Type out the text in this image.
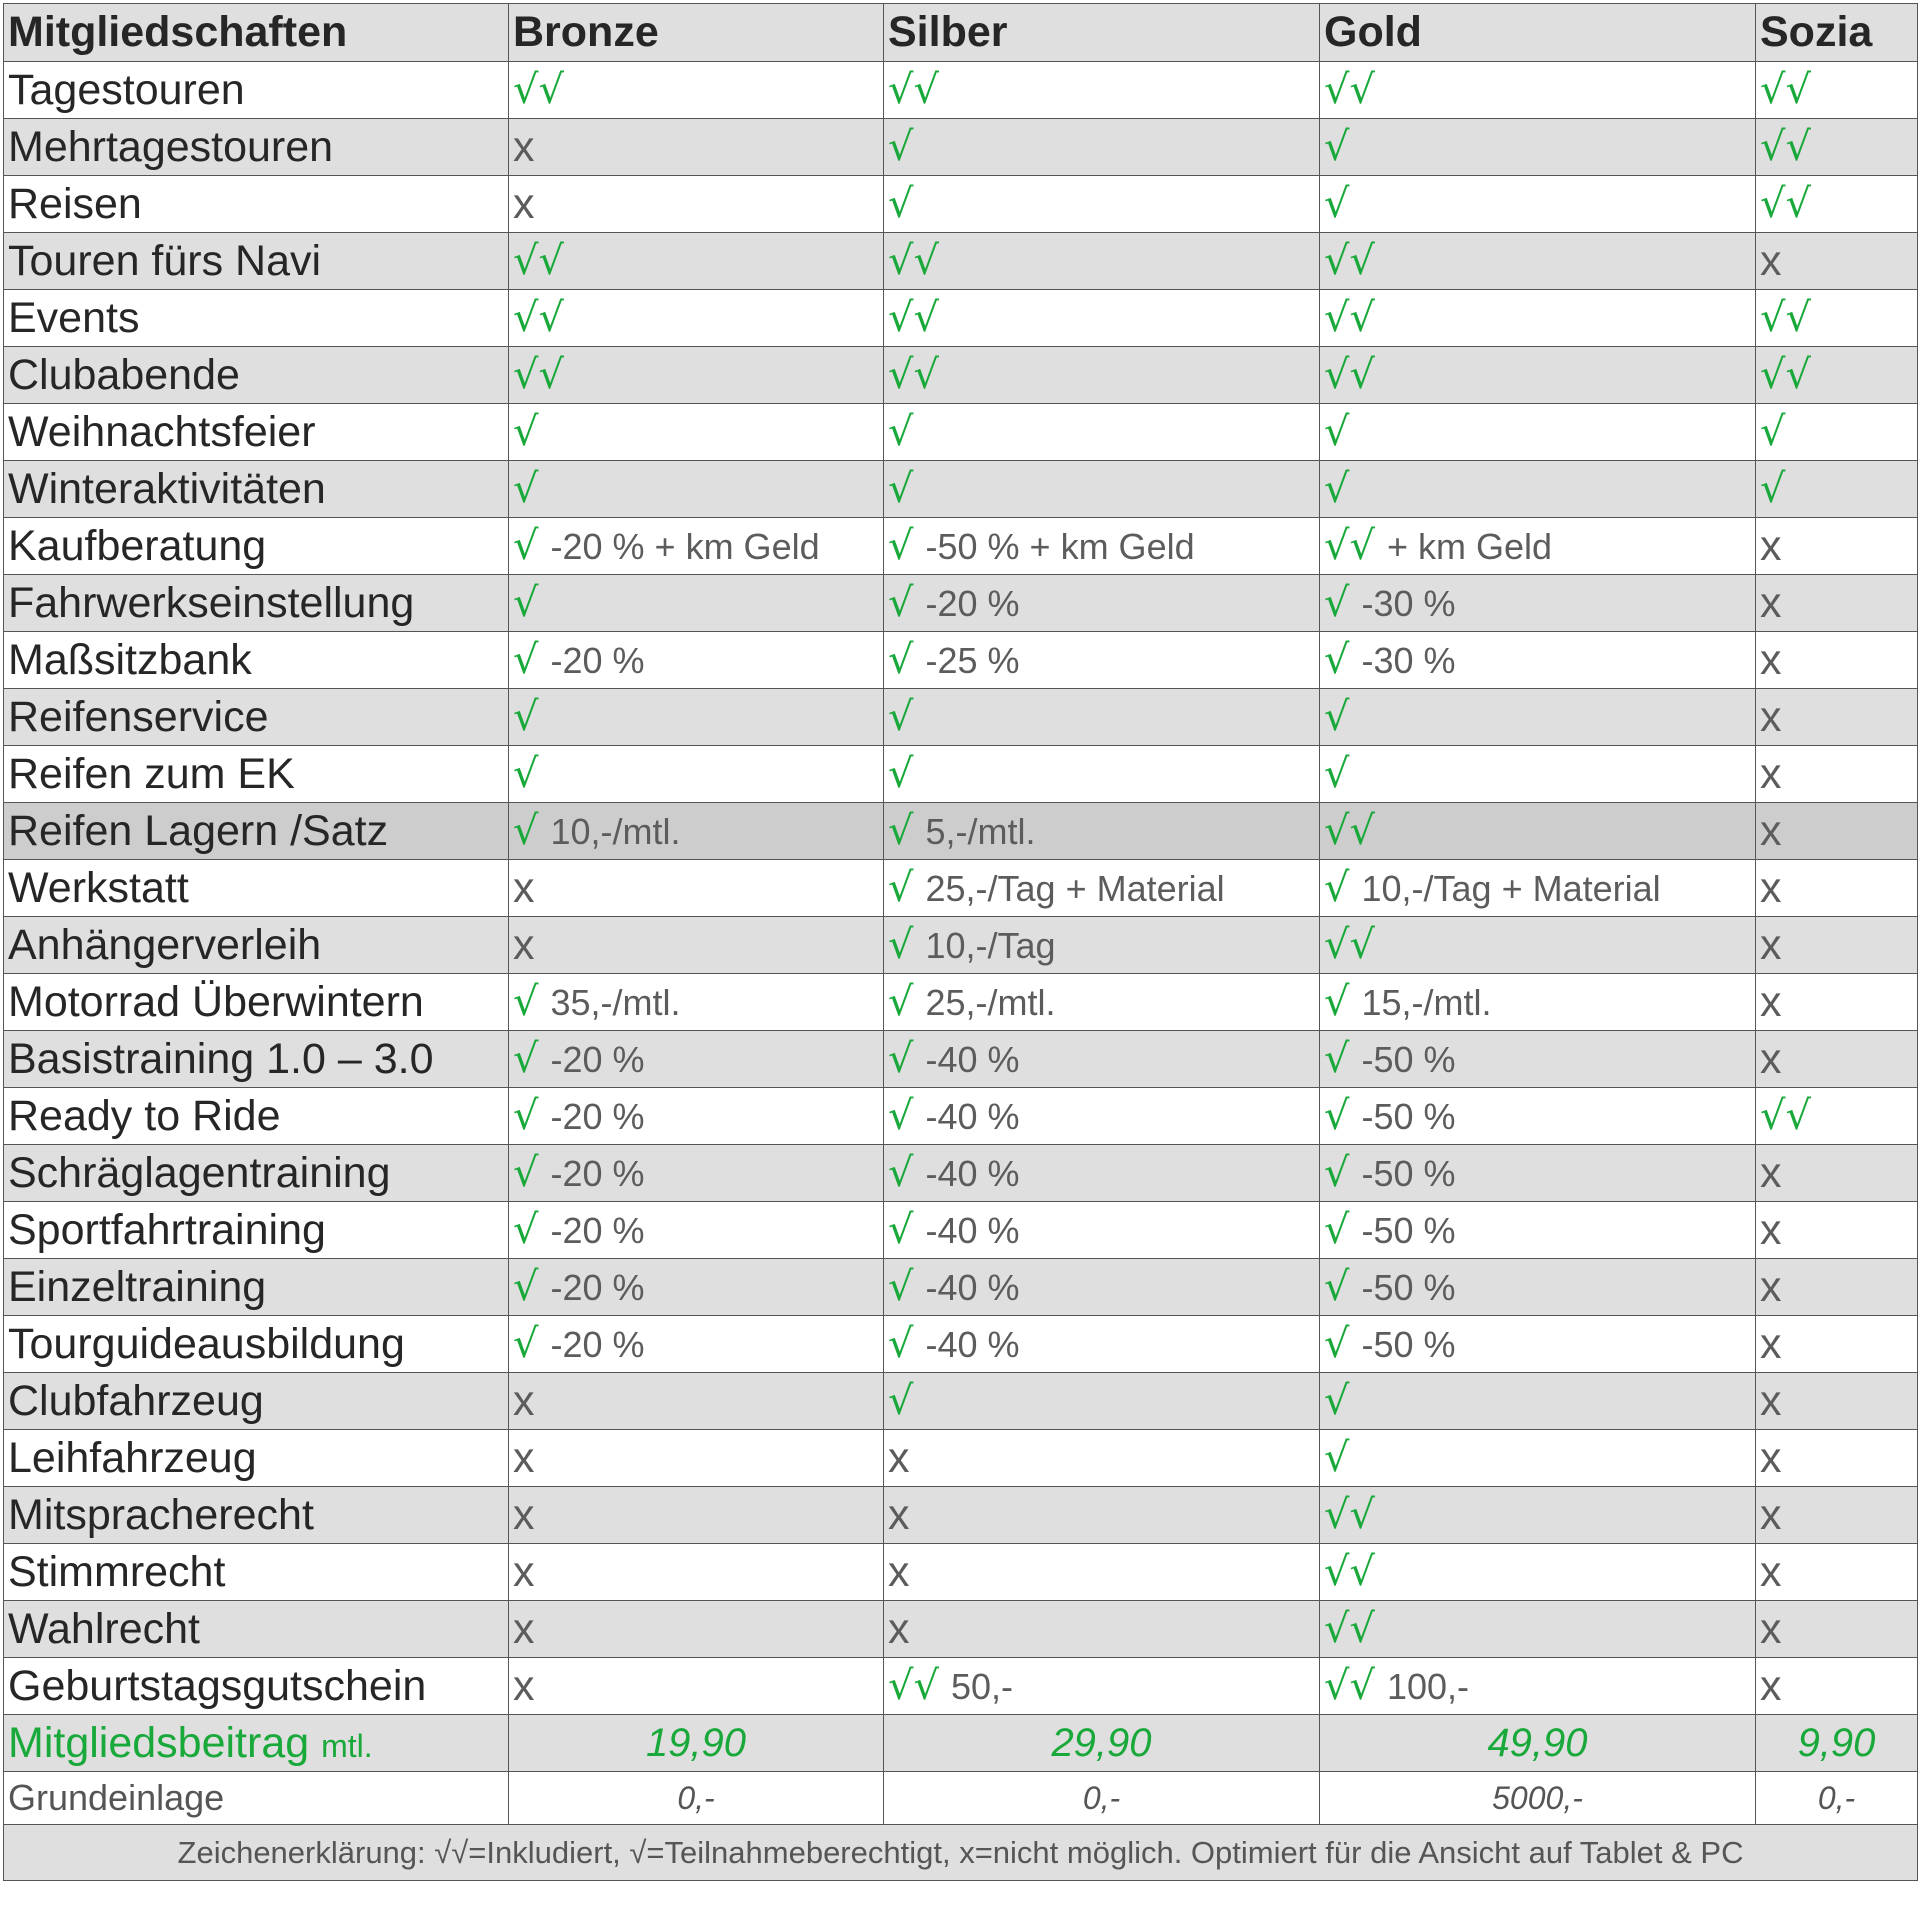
Mitgliedschaften	Bronze	Silber	Gold	Sozia
Tagestouren	√√	√√	√√	√√
Mehrtagestouren	x	√	√	√√
Reisen	x	√	√	√√
Touren fürs Navi	√√	√√	√√	x
Events	√√	√√	√√	√√
Clubabende	√√	√√	√√	√√
Weihnachtsfeier	√	√	√	√
Winteraktivitäten	√	√	√	√
Kaufberatung	√ -20 % + km Geld	√ -50 % + km Geld	√√ + km Geld	x
Fahrwerkseinstellung	√	√ -20 %	√ -30 %	x
Maßsitzbank	√ -20 %	√ -25 %	√ -30 %	x
Reifenservice	√	√	√	x
Reifen zum EK	√	√	√	x
Reifen Lagern /Satz	√ 10,-/mtl.	√ 5,-/mtl.	√√	x
Werkstatt	x	√ 25,-/Tag + Material	√ 10,-/Tag + Material	x
Anhängerverleih	x	√ 10,-/Tag	√√	x
Motorrad Überwintern	√ 35,-/mtl.	√ 25,-/mtl.	√ 15,-/mtl.	x
Basistraining 1.0 – 3.0	√ -20 %	√ -40 %	√ -50 %	x
Ready to Ride	√ -20 %	√ -40 %	√ -50 %	√√
Schräglagentraining	√ -20 %	√ -40 %	√ -50 %	x
Sportfahrtraining	√ -20 %	√ -40 %	√ -50 %	x
Einzeltraining	√ -20 %	√ -40 %	√ -50 %	x
Tourguideausbildung	√ -20 %	√ -40 %	√ -50 %	x
Clubfahrzeug	x	√	√	x
Leihfahrzeug	x	x	√	x
Mitspracherecht	x	x	√√	x
Stimmrecht	x	x	√√	x
Wahlrecht	x	x	√√	x
Geburtstagsgutschein	x	√√ 50,-	√√ 100,-	x
Mitgliedsbeitrag mtl.	19,90	29,90	49,90	9,90
Grundeinlage	0,-	0,-	5000,-	0,-
Zeichenerklärung: √√=Inkludiert, √=Teilnahmeberechtigt, x=nicht möglich. Optimiert für die Ansicht auf Tablet & PC				
